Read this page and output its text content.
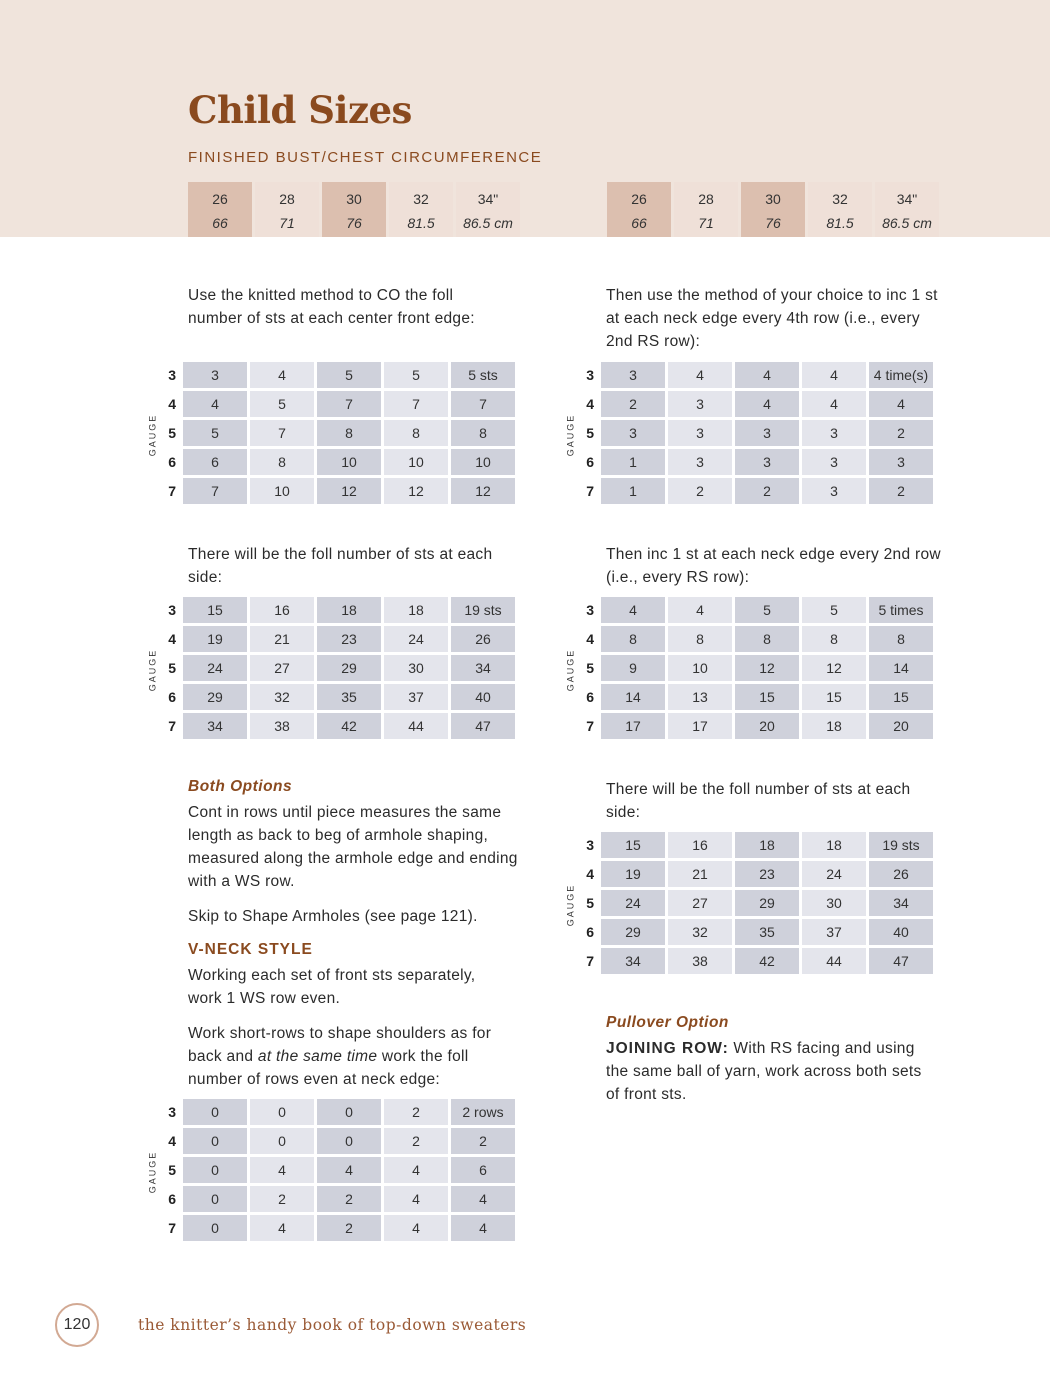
Child Sizes
FINISHED BUST/CHEST CIRCUMFERENCE
26	28	30	32	34"
66	71	76	81.5	86.5 cm
26	28	30	32	34"
66	71	76	81.5	86.5 cm

Use the knitted method to CO the foll number of sts at each center front edge:

GAUGE
3	3	4	5	5	5 sts
4	4	5	7	7	7
5	5	7	8	8	8
6	6	8	10	10	10
7	7	10	12	12	12

There will be the foll number of sts at each side:

GAUGE
3	15	16	18	18	19 sts
4	19	21	23	24	26
5	24	27	29	30	34
6	29	32	35	37	40
7	34	38	42	44	47
Both Options

Cont in rows until piece measures the same length as back to beg of armhole shaping, measured along the armhole edge and ending with a WS row.

Skip to Shape Armholes (see page 121).

V-NECK STYLE

Working each set of front sts separately, work 1 WS row even.

Work short-rows to shape shoulders as for back and at the same time work the foll number of rows even at neck edge:

GAUGE
3	0	0	0	2	2 rows
4	0	0	0	2	2
5	0	4	4	4	6
6	0	2	2	4	4
7	0	4	2	4	4

Then use the method of your choice to inc 1 st at each neck edge every 4th row (i.e., every 2nd RS row):

GAUGE
3	3	4	4	4	4 time(s)
4	2	3	4	4	4
5	3	3	3	3	2
6	1	3	3	3	3
7	1	2	2	3	2

Then inc 1 st at each neck edge every 2nd row (i.e., every RS row):

GAUGE
3	4	4	5	5	5 times
4	8	8	8	8	8
5	9	10	12	12	14
6	14	13	15	15	15
7	17	17	20	18	20

There will be the foll number of sts at each side:

GAUGE
3	15	16	18	18	19 sts
4	19	21	23	24	26
5	24	27	29	30	34
6	29	32	35	37	40
7	34	38	42	44	47
Pullover Option

JOINING ROW: With RS facing and using the same ball of yarn, work across both sets of front sts.

120	the knitter’s handy book of top-down sweaters
